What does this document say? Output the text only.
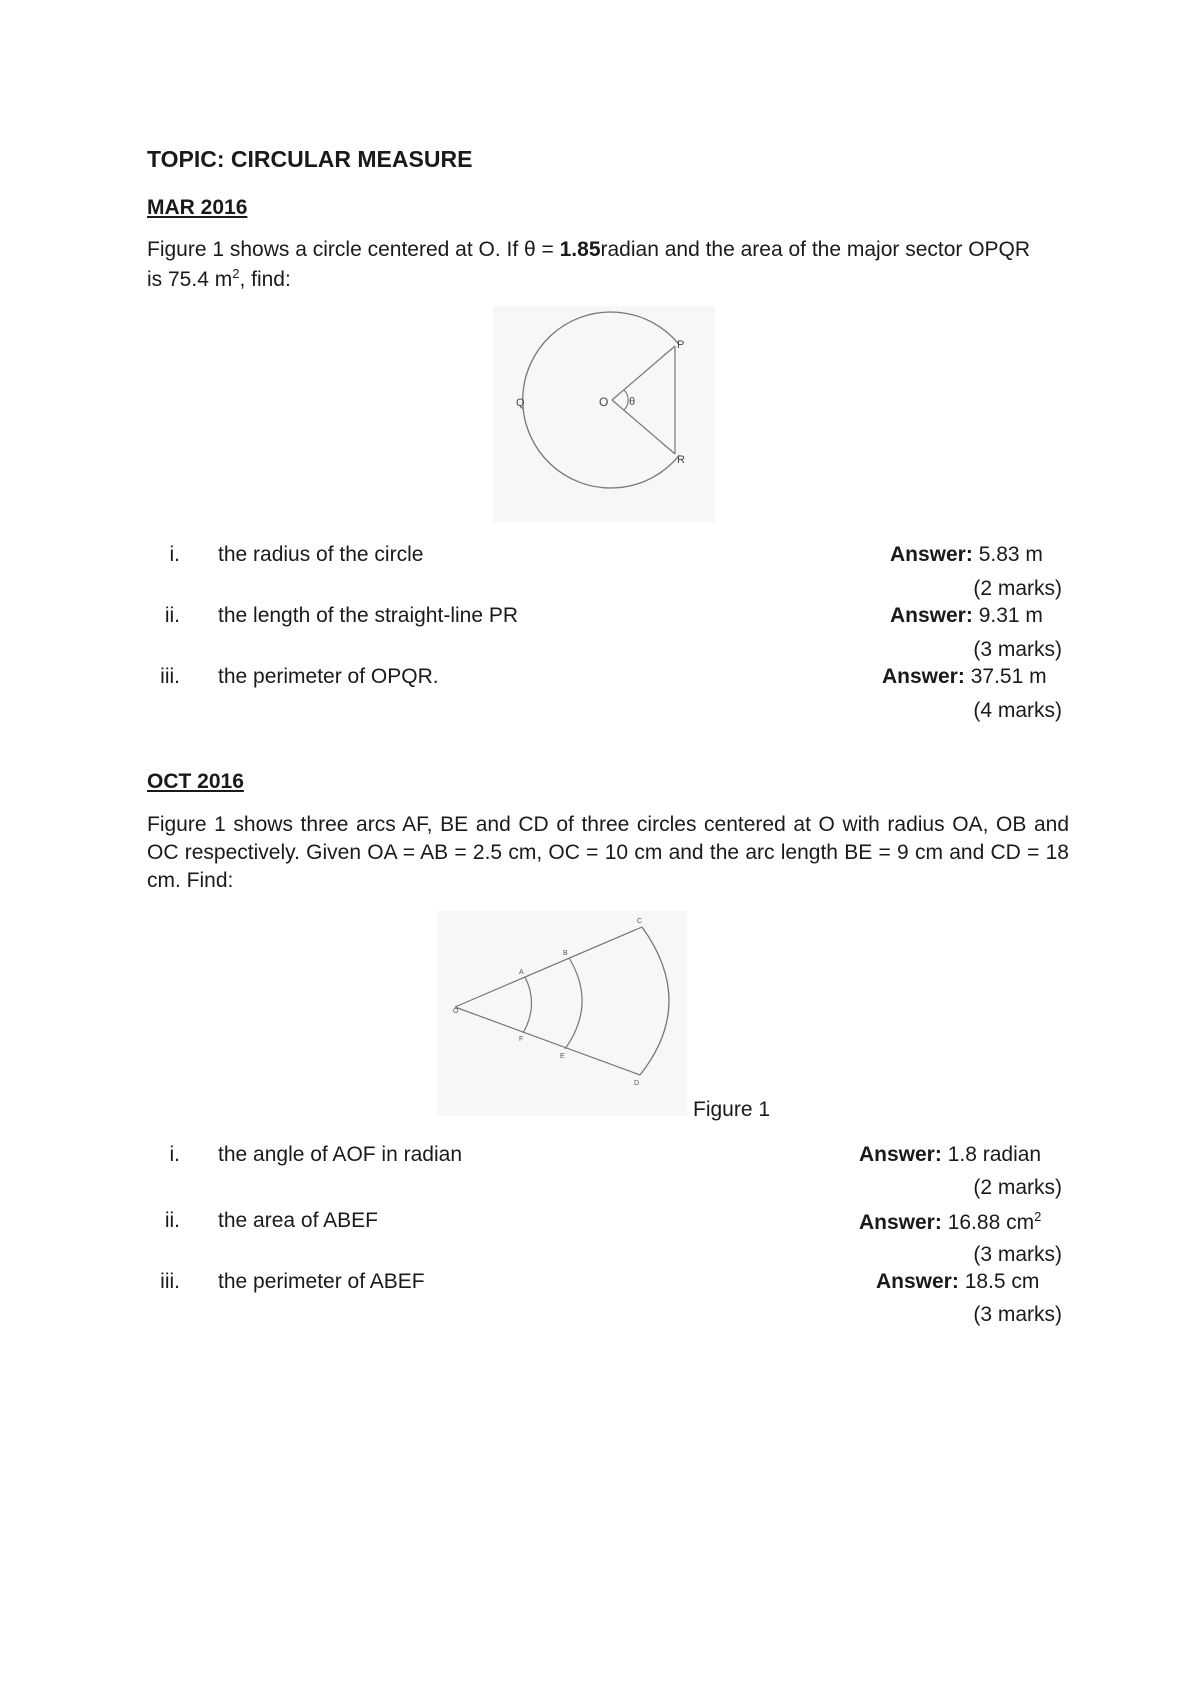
TOPIC: CIRCULAR MEASURE
MAR 2016
Figure 1 shows a circle centered at O. If θ = 1.85radian and the area of the major sector OPQR
is 75.4 $m^2$, find:
O θ
P
Q
R
i. the radius of the circle	Answer: 5.83 m
(2 marks)
ii. the length of the straight-line PR	Answer: 9.31 m
(3 marks)
iii. the perimeter of OPQR.	Answer: 37.51 m
(4 marks)
OCT 2016
Figure 1 shows three arcs AF, BE and CD of three circles centered at O with radius OA, OB and OC respectively. Given OA = AB = 2.5 cm, OC = 10 cm and the arc length BE = 9 cm and CD = 18 cm. Find:
O
A
B
C
D
E
F
Figure 1
i. the angle of AOF in radian	Answer: 1.8 radian
(2 marks)
ii. the area of ABEF	Answer: 16.88 $cm^2$
(3 marks)
iii. the perimeter of ABEF	Answer: 18.5 cm
(3 marks)
